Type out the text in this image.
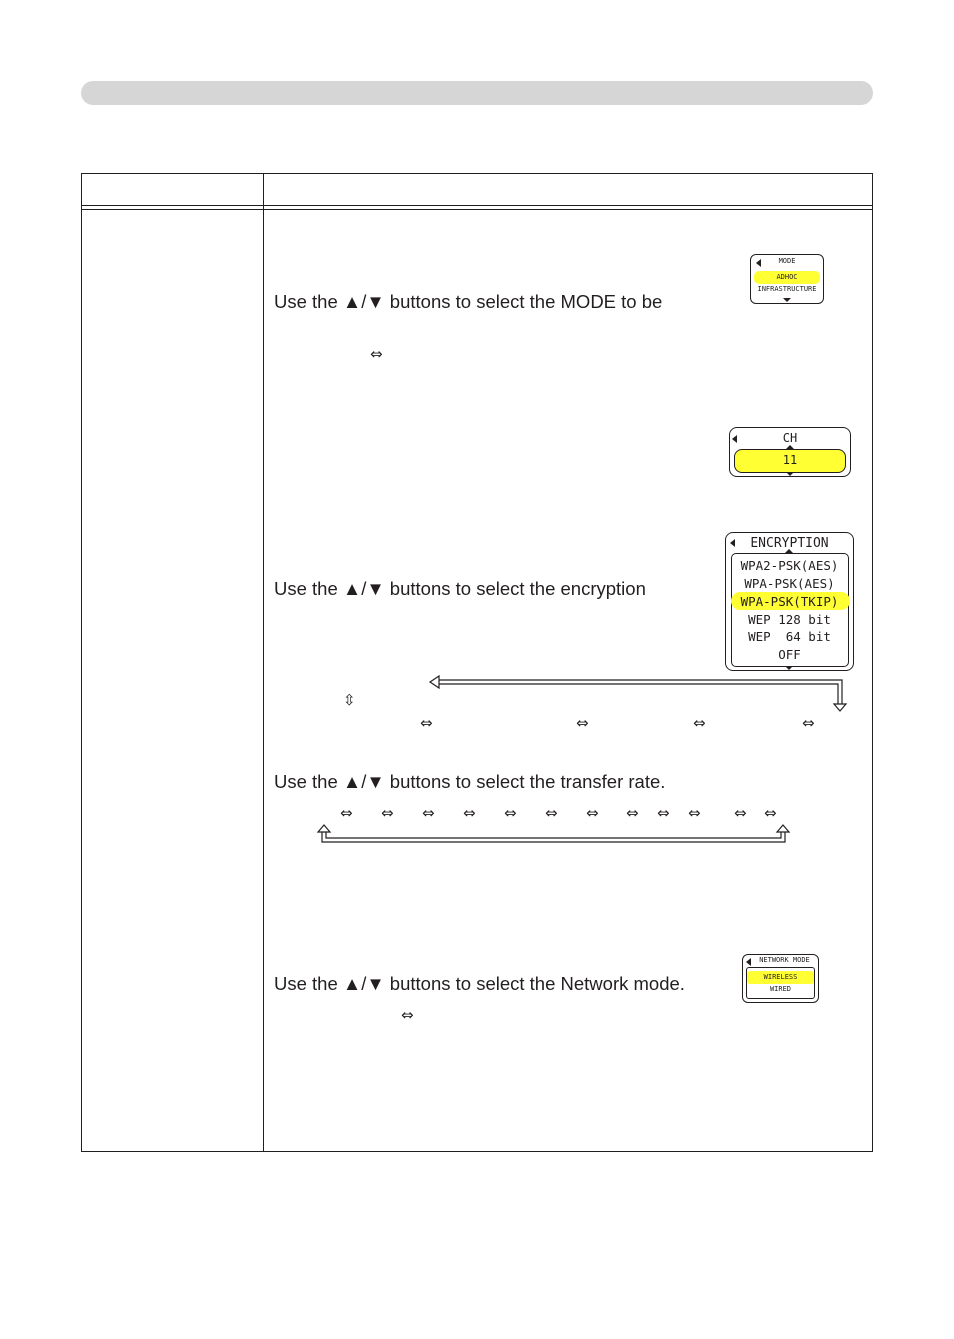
Use the ▲/▼ buttons to select the MODE to be
⇔
MODE
ADHOC
INFRASTRUCTURE
CH
11
Use the ▲/▼ buttons to select the encryption
ENCRYPTION
WPA2-PSK(AES)
WPA-PSK(AES)
WPA-PSK(TKIP)
WEP 128 bit
WEP  64 bit
OFF
⇳
⇔	⇔	⇔	⇔
Use the ▲/▼ buttons to select the transfer rate.
⇔ ⇔ ⇔ ⇔ ⇔ ⇔ ⇔ ⇔ ⇔ ⇔ ⇔ ⇔
Use the ▲/▼ buttons to select the Network mode.
⇔
NETWORK MODE
WIRELESS
WIRED
